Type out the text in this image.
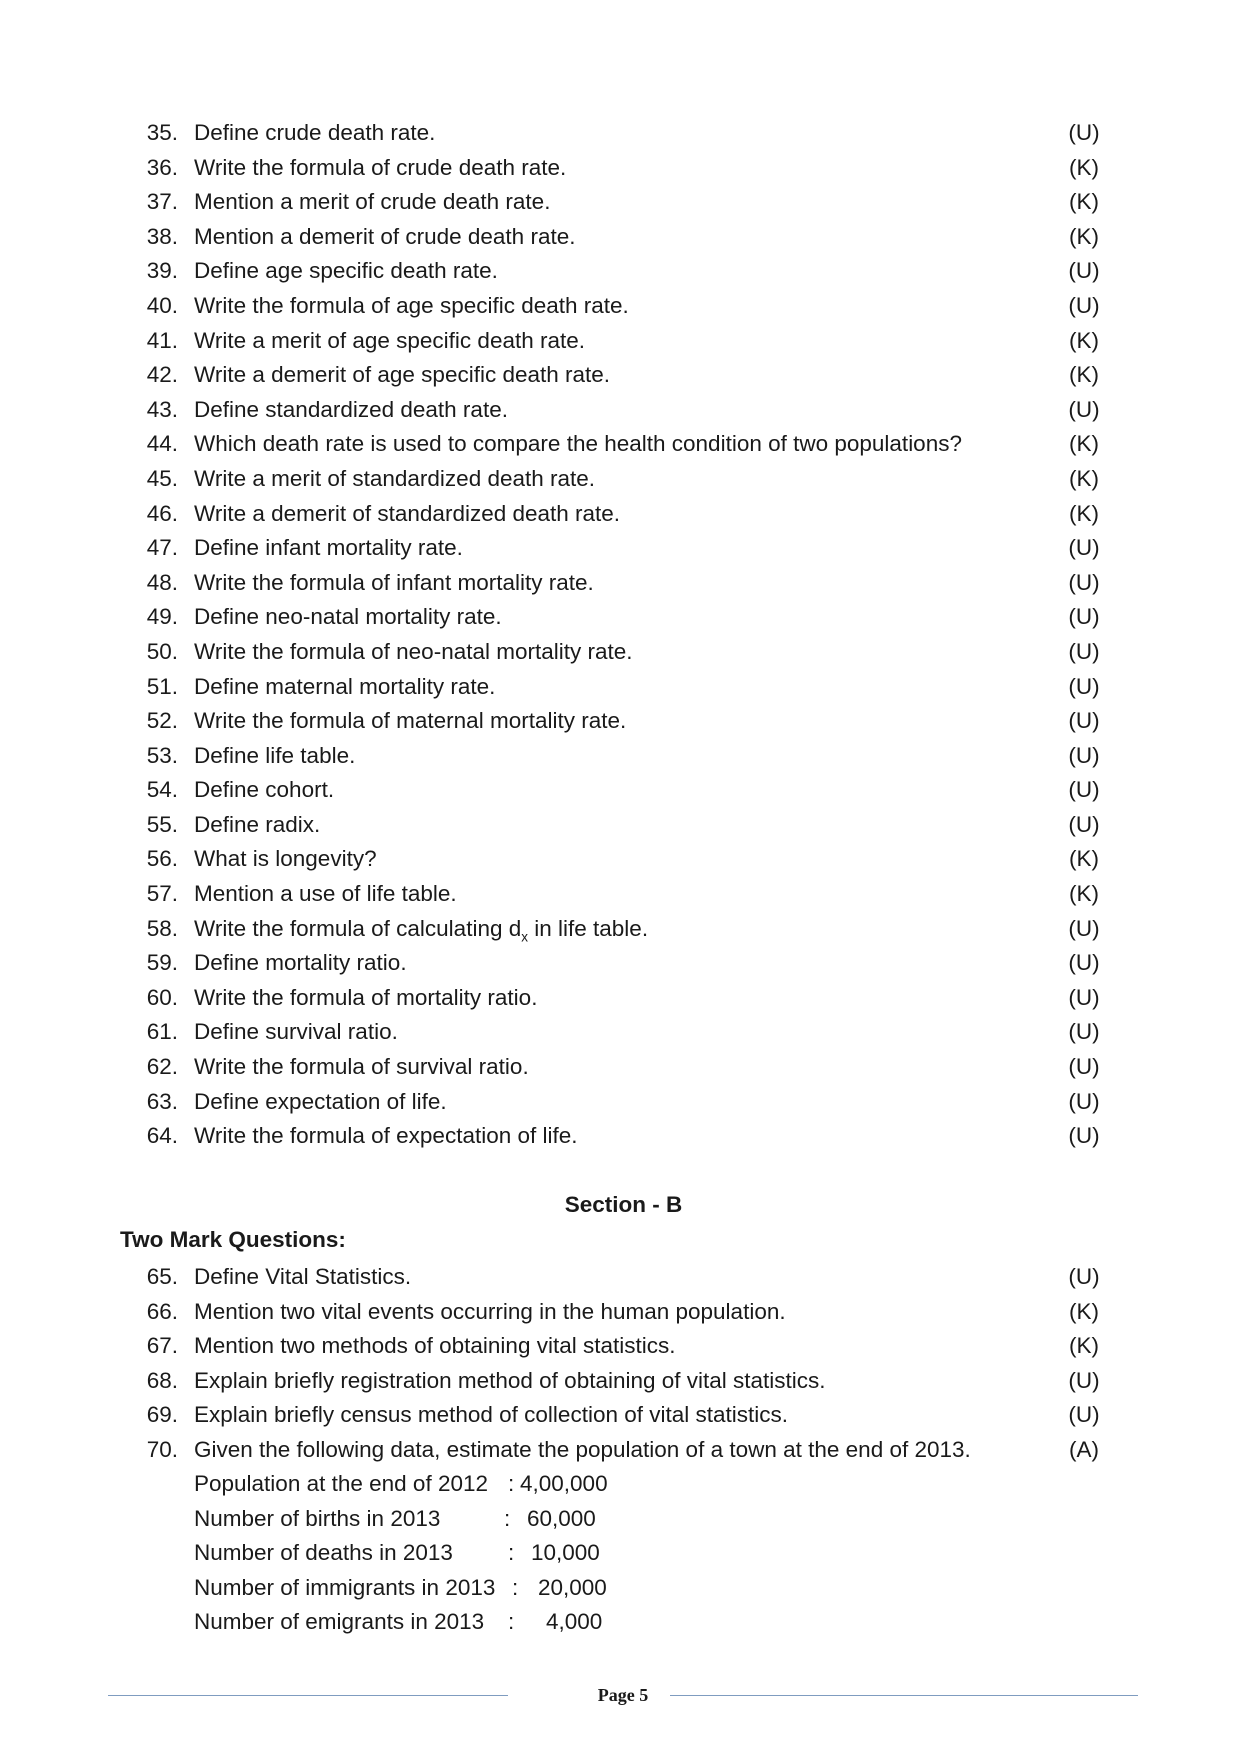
35. Define crude death rate.	(U)
36. Write the formula of crude death rate.	(K)
37. Mention a merit of crude death rate.	(K)
38. Mention a demerit of crude death rate.	(K)
39. Define age specific death rate.	(U)
40. Write the formula of age specific death rate.	(U)
41. Write a merit of age specific death rate.	(K)
42. Write a demerit of age specific death rate.	(K)
43. Define standardized death rate.	(U)
44. Which death rate is used to compare the health condition of two populations?	(K)
45. Write a merit of standardized death rate.	(K)
46. Write a demerit of standardized death rate.	(K)
47. Define infant mortality rate.	(U)
48. Write the formula of infant mortality rate.	(U)
49. Define neo-natal mortality rate.	(U)
50. Write the formula of neo-natal mortality rate.	(U)
51. Define maternal mortality rate.	(U)
52. Write the formula of maternal mortality rate.	(U)
53. Define life table.	(U)
54. Define cohort.	(U)
55. Define radix.	(U)
56. What is longevity?	(K)
57. Mention a use of life table.	(K)
58. Write the formula of calculating $d_x$ in life table.	(U)
59. Define mortality ratio.	(U)
60. Write the formula of mortality ratio.	(U)
61. Define survival ratio.	(U)
62. Write the formula of survival ratio.	(U)
63. Define expectation of life.	(U)
64. Write the formula of expectation of life.	(U)
Section - B
Two Mark Questions:
65. Define Vital Statistics.	(U)
66. Mention two vital events occurring in the human population.	(K)
67. Mention two methods of obtaining vital statistics.	(K)
68. Explain briefly registration method of obtaining of vital statistics.	(U)
69. Explain briefly census method of collection of vital statistics.	(U)
70. Given the following data, estimate the population of a town at the end of 2013.	(A)
Population at the end of 2012 : 4,00,000
Number of births in 2013	: 60,000
Number of deaths in 2013 : 10,000
Number of immigrants in 2013 : 20,000
Number of emigrants in 2013 : 4,000
Page 5
